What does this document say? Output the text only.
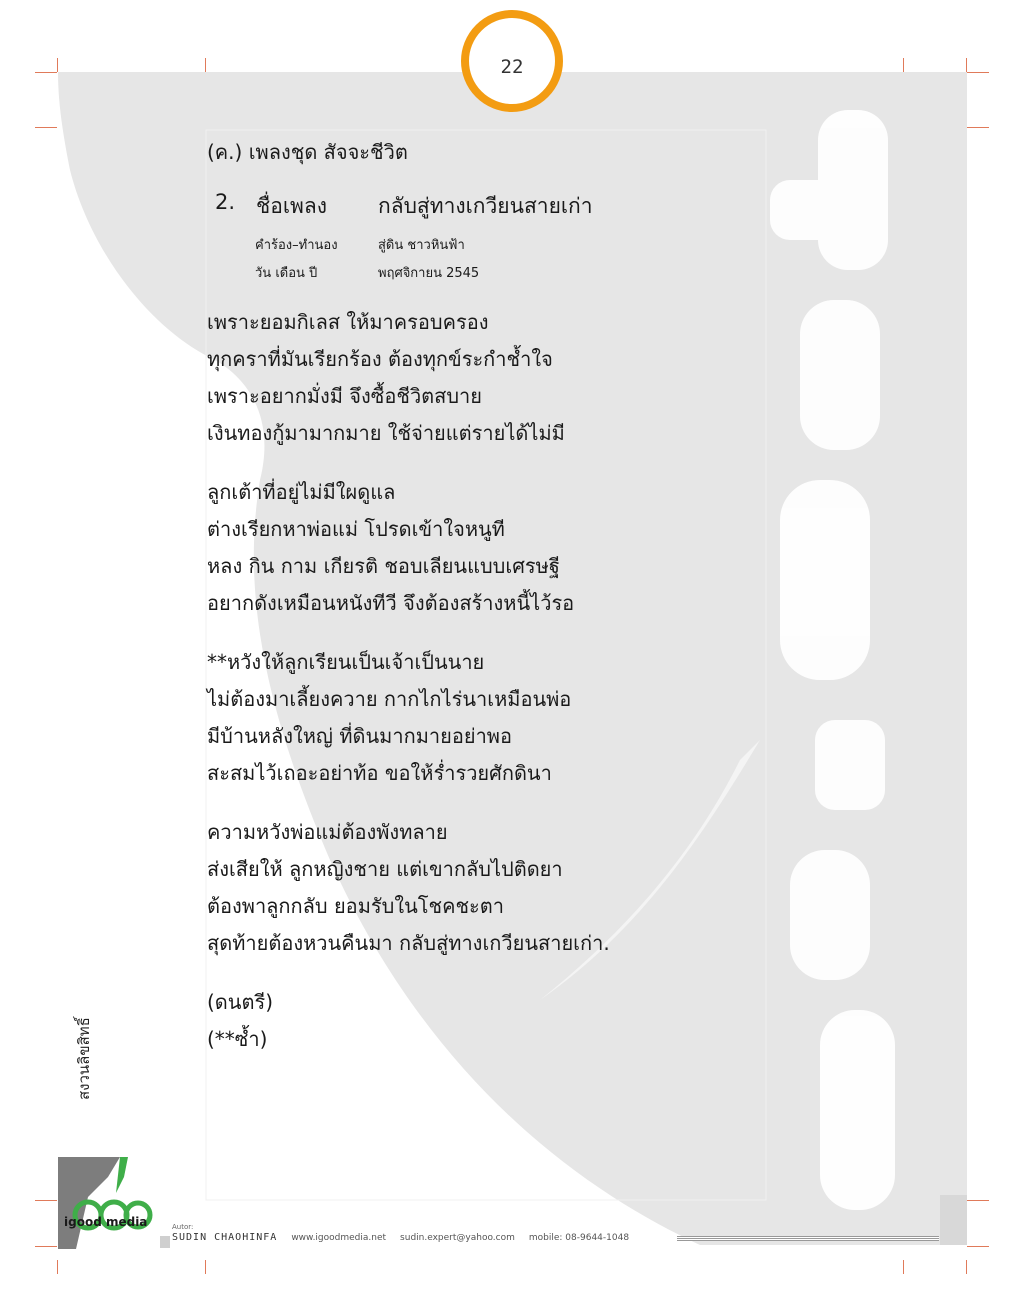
22
(ค.) เพลงชุด สัจจะชีวิต
2. ชื่อเพลง กลับสู่ทางเกวียนสายเก่า
คำร้อง–ทำนอง	สู่ดิน ชาวหินฟ้า
วัน เดือน ปี	พฤศจิกายน 2545
เพราะยอมกิเลส ให้มาครอบครอง
ทุกคราที่มันเรียกร้อง ต้องทุกข์ระกำช้ำใจ
เพราะอยากมั่งมี จึงซื้อชีวิตสบาย
เงินทองกู้มามากมาย ใช้จ่ายแต่รายได้ไม่มี
ลูกเต้าที่อยู่ไม่มีใผดูแล
ต่างเรียกหาพ่อแม่ โปรดเข้าใจหนูที
หลง กิน กาม เกียรติ ชอบเลียนแบบเศรษฐี
อยากดังเหมือนหนังทีวี จึงต้องสร้างหนี้ไว้รอ
**หวังให้ลูกเรียนเป็นเจ้าเป็นนาย
ไม่ต้องมาเลี้ยงควาย กากไกไร่นาเหมือนพ่อ
มีบ้านหลังใหญ่ ที่ดินมากมายอย่าพอ
สะสมไว้เถอะอย่าท้อ ขอให้ร่ำรวยศักดินา
ความหวังพ่อแม่ต้องพังทลาย
ส่งเสียให้ ลูกหญิงชาย แต่เขากลับไปติดยา
ต้องพาลูกกลับ ยอมรับในโชคชะตา
สุดท้ายต้องหวนคืนมา กลับสู่ทางเกวียนสายเก่า.
(ดนตรี)
(**ซ้ำ)
สงวนลิขสิทธิ์
igood media	Autor:
SUDIN CHAOHINFA www.igoodmedia.net sudin.expert@yahoo.com mobile: 08-9644-1048
